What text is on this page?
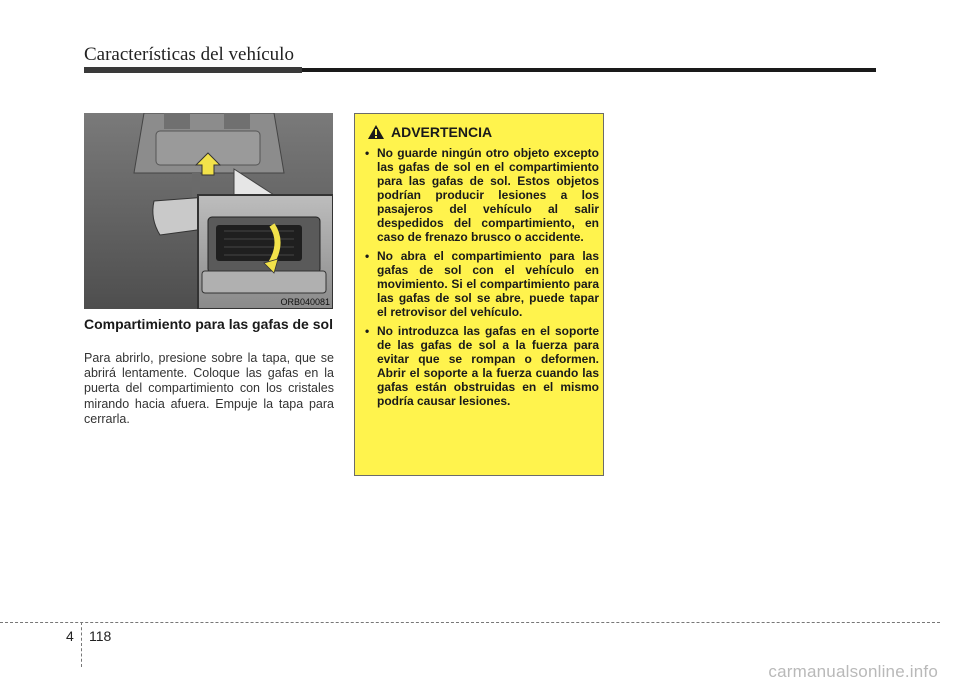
Características del vehículo
ORB040081
Compartimiento para las gafas de sol
Para abrirlo, presione sobre la tapa, que se abrirá lentamente. Coloque las gafas en la puerta del compartimiento con los cristales mirando hacia afuera. Empuje la tapa para cerrarla.
ADVERTENCIA
• No guarde ningún otro objeto excepto las gafas de sol en el compartimiento para las gafas de sol. Estos objetos podrían producir lesiones a los pasajeros del vehículo al salir despedidos del compartimiento, en caso de frenazo brusco o accidente.
• No abra el compartimiento para las gafas de sol con el vehículo en movimiento. Si el compartimiento para las gafas de sol se abre, puede tapar el retrovisor del vehículo.
• No introduzca las gafas en el soporte de las gafas de sol a la fuerza para evitar que se rompan o deformen. Abrir el soporte a la fuerza cuando las gafas están obstruidas en el mismo podría causar lesiones.
4 118
carmanualsonline.info
